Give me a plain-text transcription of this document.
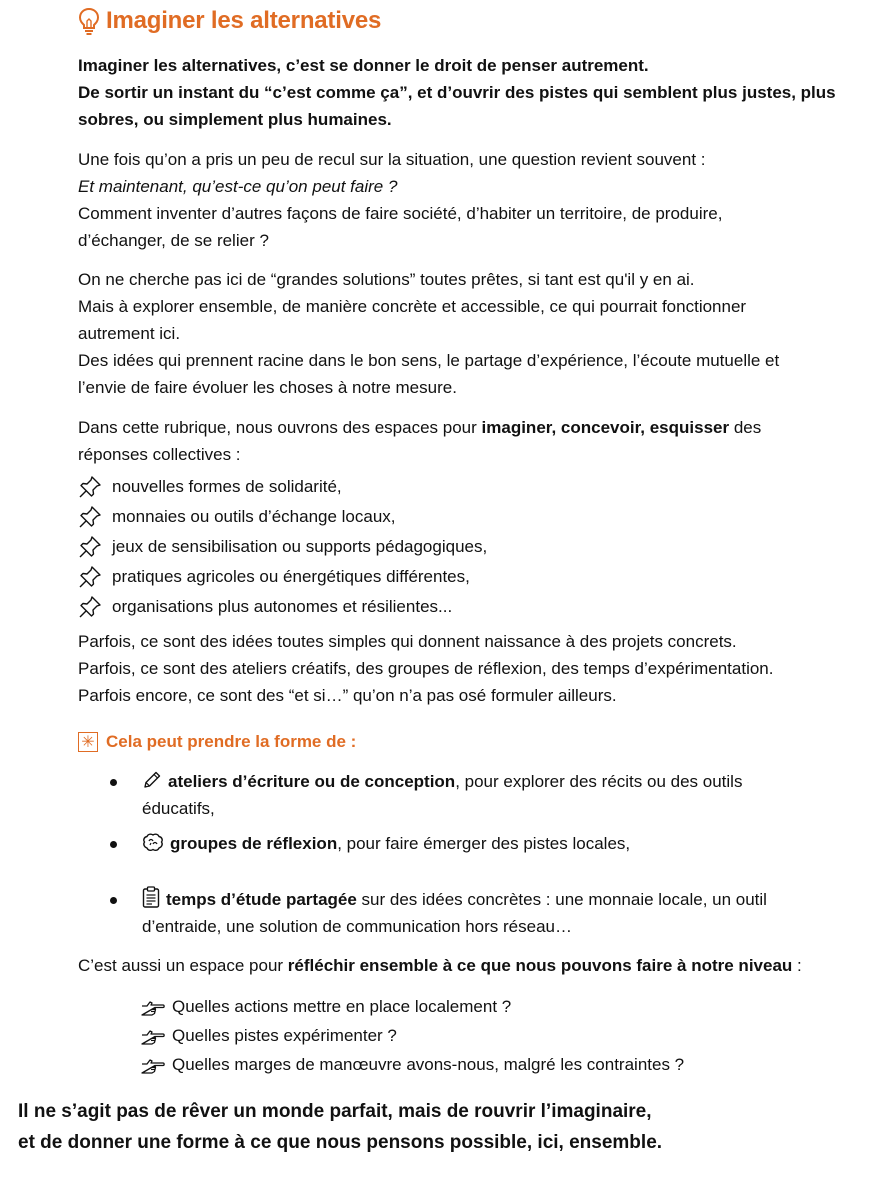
Imaginer les alternatives
Imaginer les alternatives, c’est se donner le droit de penser autrement.
De sortir un instant du “c’est comme ça”, et d’ouvrir des pistes qui semblent plus justes, plus
sobres, ou simplement plus humaines.
Une fois qu’on a pris un peu de recul sur la situation, une question revient souvent :
Et maintenant, qu’est-ce qu’on peut faire ?
Comment inventer d’autres façons de faire société, d’habiter un territoire, de produire,
d’échanger, de se relier ?
On ne cherche pas ici de “grandes solutions” toutes prêtes, si tant est qu'il y en ai.
Mais à explorer ensemble, de manière concrète et accessible, ce qui pourrait fonctionner
autrement ici.
Des idées qui prennent racine dans le bon sens, le partage d’expérience, l’écoute mutuelle et
l’envie de faire évoluer les choses à notre mesure.
Dans cette rubrique, nous ouvrons des espaces pour imaginer, concevoir, esquisser des
réponses collectives :
nouvelles formes de solidarité,
monnaies ou outils d’échange locaux,
jeux de sensibilisation ou supports pédagogiques,
pratiques agricoles ou énergétiques différentes,
organisations plus autonomes et résilientes...
Parfois, ce sont des idées toutes simples qui donnent naissance à des projets concrets.
Parfois, ce sont des ateliers créatifs, des groupes de réflexion, des temps d’expérimentation.
Parfois encore, ce sont des “et si…” qu’on n’a pas osé formuler ailleurs.
✳ Cela peut prendre la forme de :
ateliers d’écriture ou de conception, pour explorer des récits ou des outils
éducatifs,
groupes de réflexion, pour faire émerger des pistes locales,
temps d’étude partagée sur des idées concrètes : une monnaie locale, un outil
d’entraide, une solution de communication hors réseau…
C’est aussi un espace pour réfléchir ensemble à ce que nous pouvons faire à notre niveau :
Quelles actions mettre en place localement ?
Quelles pistes expérimenter ?
Quelles marges de manœuvre avons-nous, malgré les contraintes ?
Il ne s’agit pas de rêver un monde parfait, mais de rouvrir l’imaginaire,
et de donner une forme à ce que nous pensons possible, ici, ensemble.
